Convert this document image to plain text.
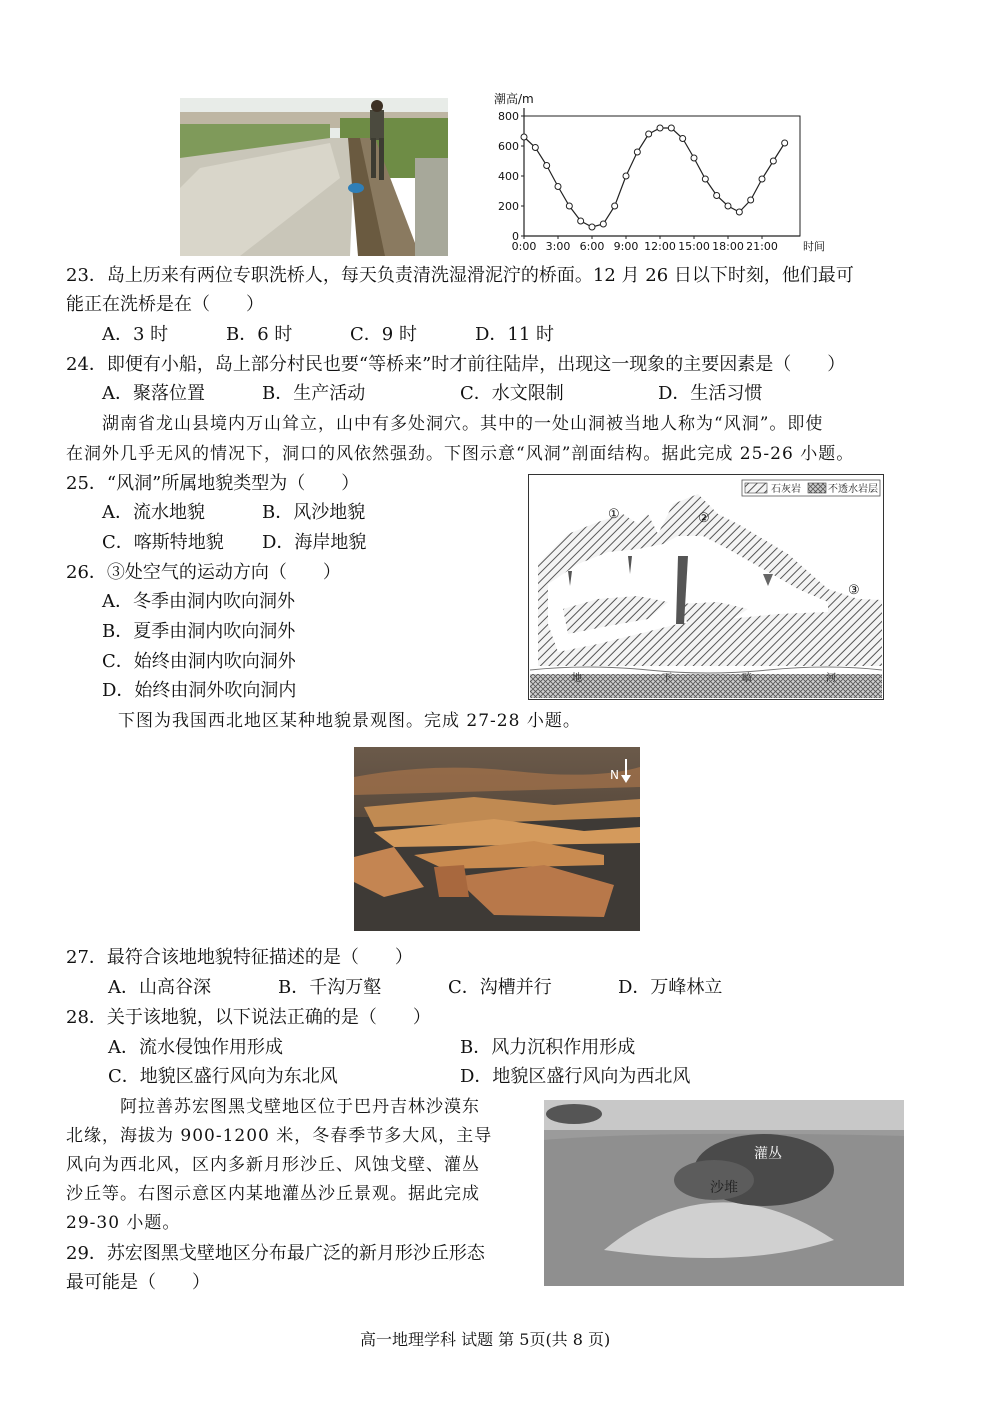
0
200
400
600
800
0:00 3:00 6:00 9:00 12:00 15:00 18:00 21:00
潮高/m
时间
23．岛上历来有两位专职洗桥人，每天负责清洗湿滑泥泞的桥面。12 月 26 日以下时刻，他们最可
能正在洗桥是在（　　）
A．3 时	B．6 时	C．9 时	D．11 时
24．即便有小船，岛上部分村民也要“等桥来”时才前往陆岸，出现这一现象的主要因素是（　　）
A．聚落位置	B．生产活动	C．水文限制	D．生活习惯
湖南省龙山县境内万山耸立，山中有多处洞穴。其中的一处山洞被当地人称为“风洞”。即使
在洞外几乎无风的情况下，洞口的风依然强劲。下图示意“风洞”剖面结构。据此完成 25-26 小题。
25．“风洞”所属地貌类型为（　　）
A．流水地貌	B．风沙地貌
C．喀斯特地貌 D．海岸地貌
26．③处空气的运动方向（　　）
A．冬季由洞内吹向洞外
B．夏季由洞内吹向洞外
C．始终由洞内吹向洞外
D．始终由洞外吹向洞内
石灰岩	不透水岩层
地	下	暗	河
①	②
③
下图为我国西北地区某种地貌景观图。完成 27-28 小题。
N
27．最符合该地地貌特征描述的是（　　）
A．山高谷深	B．千沟万壑	C．沟槽并行	D．万峰林立
28．关于该地貌，以下说法正确的是（　　）
A．流水侵蚀作用形成	B．风力沉积作用形成
C．地貌区盛行风向为东北风	D．地貌区盛行风向为西北风
阿拉善苏宏图黑戈壁地区位于巴丹吉林沙漠东
北缘，海拔为 900-1200 米，冬春季节多大风，主导
风向为西北风，区内多新月形沙丘、风蚀戈壁、灌丛
沙丘等。右图示意区内某地灌丛沙丘景观。据此完成
29-30 小题。
灌丛
沙堆
29．苏宏图黑戈壁地区分布最广泛的新月形沙丘形态
最可能是（　　）
高一地理学科 试题 第 5页(共 8 页)
